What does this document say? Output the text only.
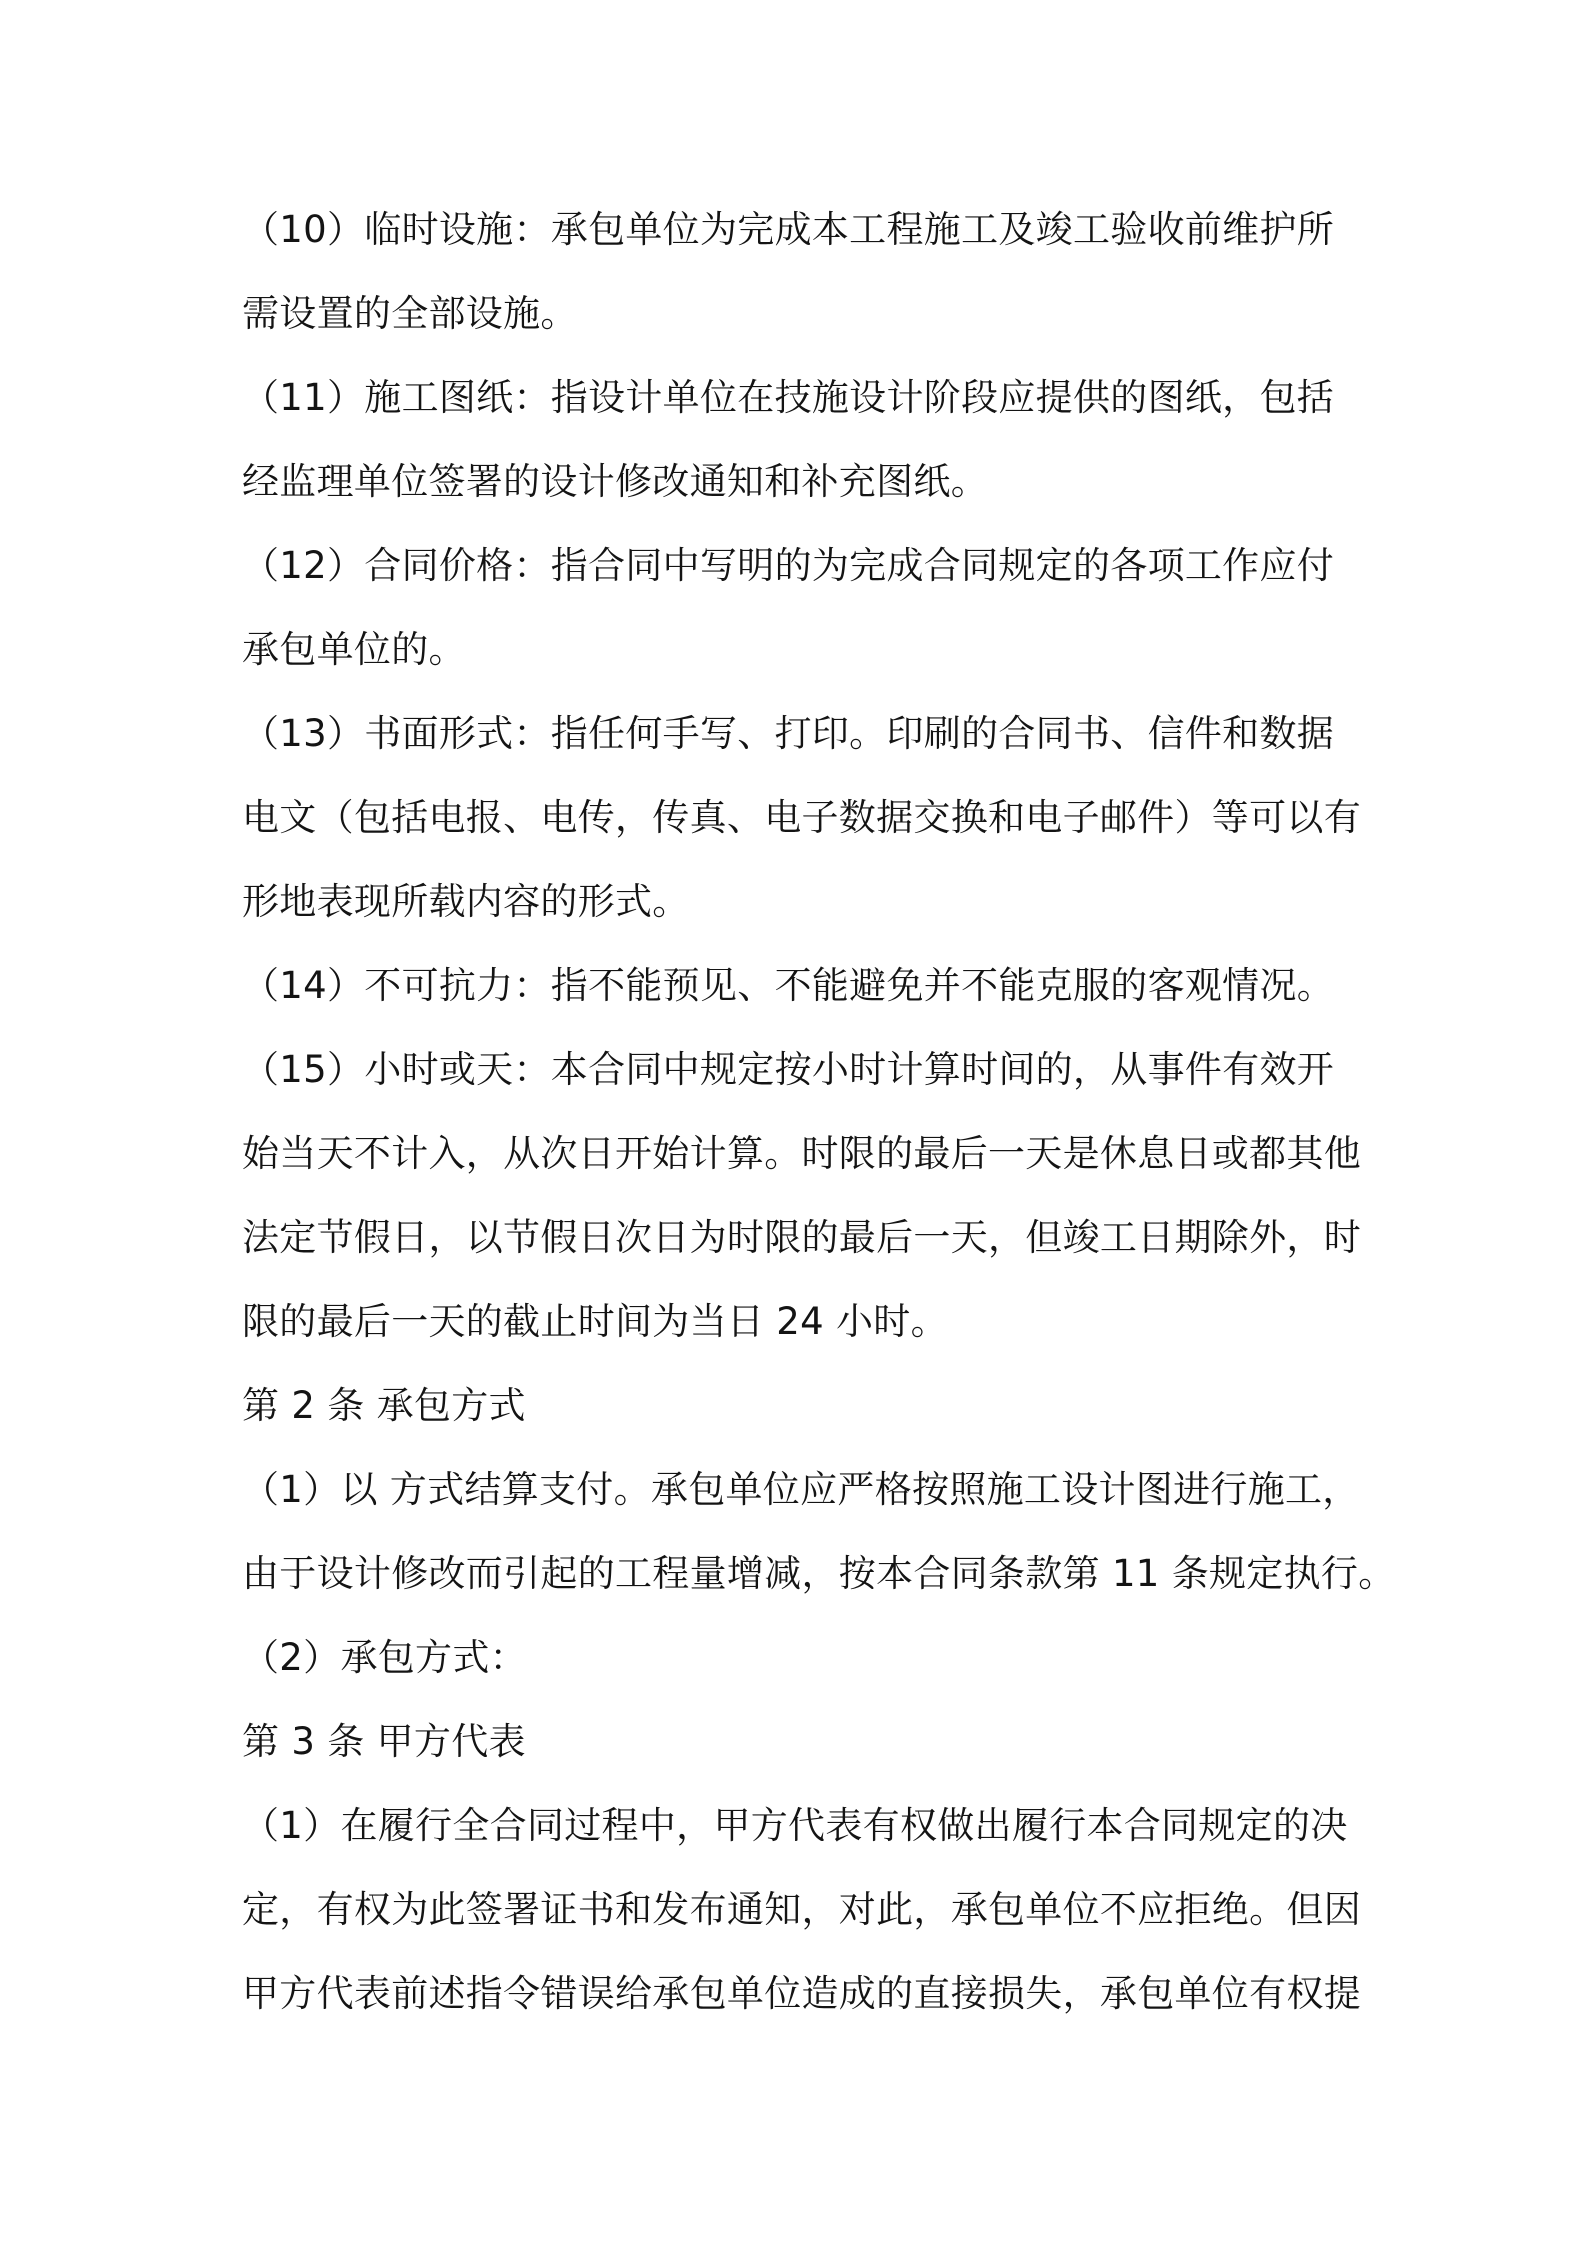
（10）临时设施：承包单位为完成本工程施工及竣工验收前维护所
需设置的全部设施。
（11）施工图纸：指设计单位在技施设计阶段应提供的图纸，包括
经监理单位签署的设计修改通知和补充图纸。
（12）合同价格：指合同中写明的为完成合同规定的各项工作应付
承包单位的。
（13）书面形式：指任何手写、打印。印刷的合同书、信件和数据
电文（包括电报、电传，传真、电子数据交换和电子邮件）等可以有
形地表现所载内容的形式。
（14）不可抗力：指不能预见、不能避免并不能克服的客观情况。
（15）小时或天：本合同中规定按小时计算时间的，从事件有效开
始当天不计入，从次日开始计算。时限的最后一天是休息日或都其他
法定节假日，以节假日次日为时限的最后一天，但竣工日期除外，时
限的最后一天的截止时间为当日 24 小时。
第 2 条 承包方式
（1）以 方式结算支付。承包单位应严格按照施工设计图进行施工，
由于设计修改而引起的工程量增减，按本合同条款第 11 条规定执行。
（2）承包方式：
第 3 条 甲方代表
（1）在履行全合同过程中，甲方代表有权做出履行本合同规定的决
定，有权为此签署证书和发布通知，对此，承包单位不应拒绝。但因
甲方代表前述指令错误给承包单位造成的直接损失，承包单位有权提
